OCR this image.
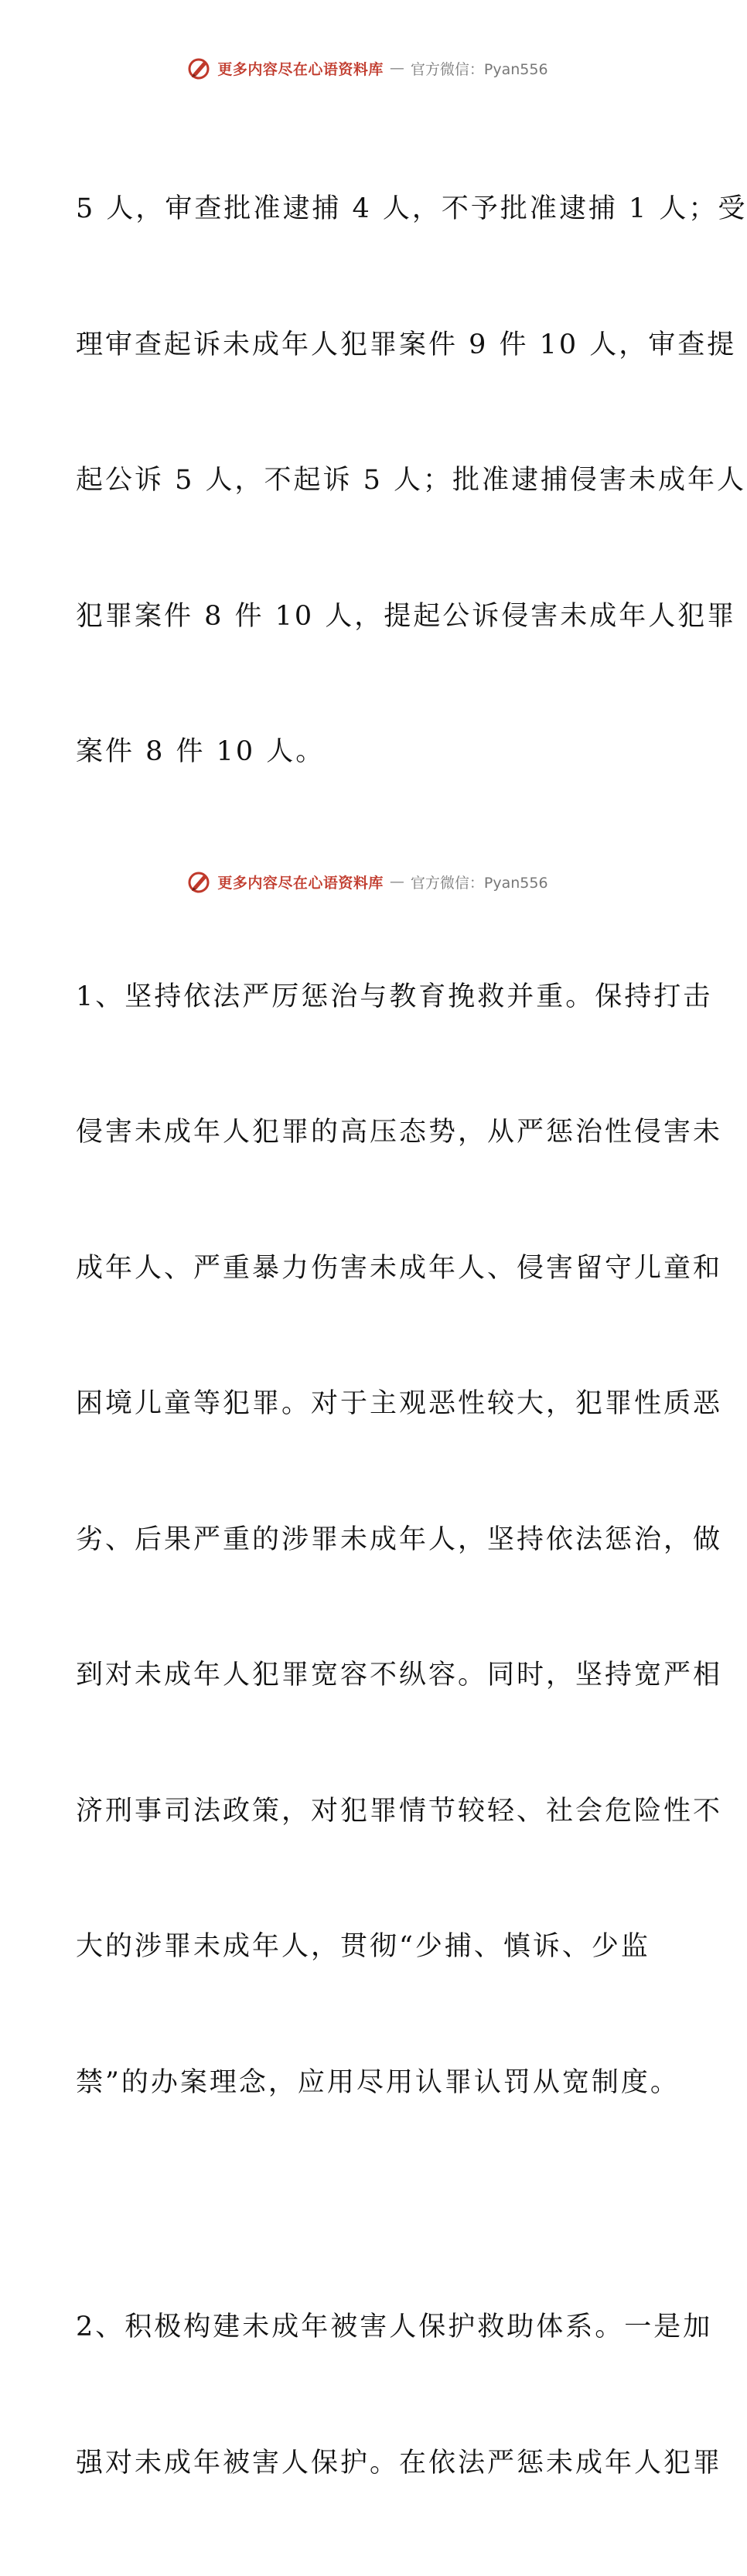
更多内容尽在心语资料库 — 官方微信：Pyan556

5 人，审查批准逮捕 4 人，不予批准逮捕 1 人；受

理审查起诉未成年人犯罪案件 9 件 10 人，审查提

起公诉 5 人，不起诉 5 人；批准逮捕侵害未成年人

犯罪案件 8 件 10 人，提起公诉侵害未成年人犯罪

案件 8 件 10 人。

1、坚持依法严厉惩治与教育挽救并重。保持打击

侵害未成年人犯罪的高压态势，从严惩治性侵害未

成年人、严重暴力伤害未成年人、侵害留守儿童和

困境儿童等犯罪。对于主观恶性较大，犯罪性质恶

劣、后果严重的涉罪未成年人，坚持依法惩治，做

到对未成年人犯罪宽容不纵容。同时，坚持宽严相

济刑事司法政策，对犯罪情节较轻、社会危险性不

大的涉罪未成年人，贯彻“少捕、慎诉、少监

禁”的办案理念，应用尽用认罪认罚从宽制度。

2、积极构建未成年被害人保护救助体系。一是加

强对未成年被害人保护。在依法严惩未成年人犯罪

更多内容尽在心语资料库 — 官方微信：Pyan556
